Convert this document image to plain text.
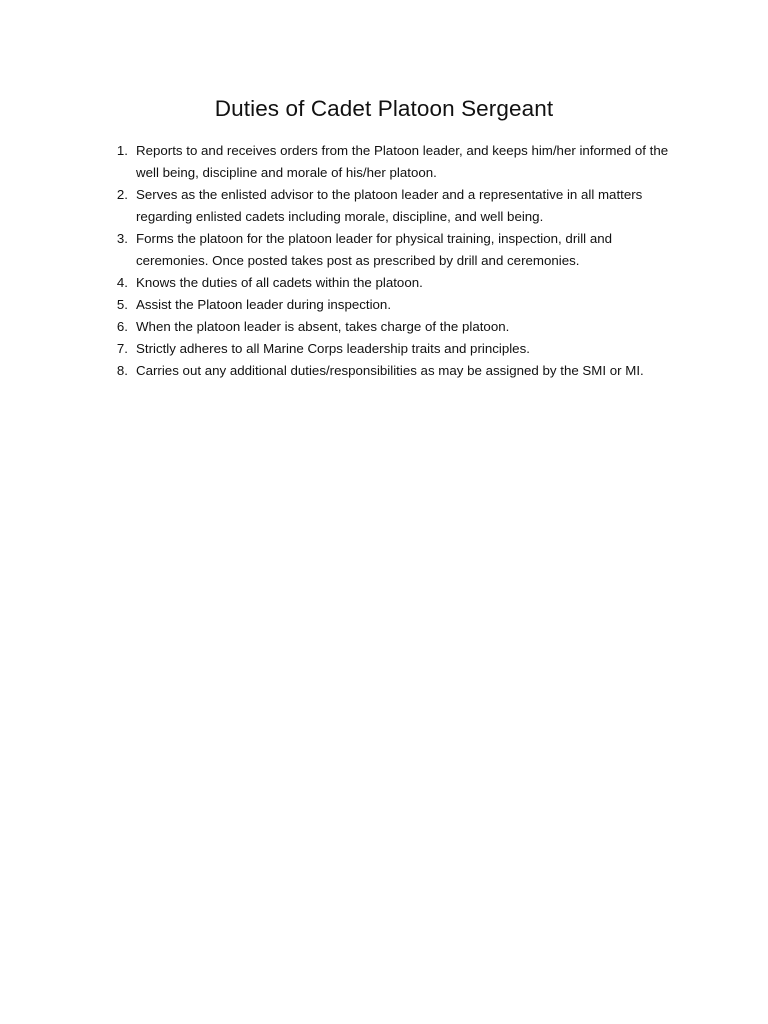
Duties of Cadet Platoon Sergeant
1. Reports to and receives orders from the Platoon leader, and keeps him/her informed of the well being, discipline and morale of his/her platoon.
2. Serves as the enlisted advisor to the platoon leader and a representative in all matters regarding enlisted cadets including morale, discipline, and well being.
3. Forms the platoon for the platoon leader for physical training, inspection, drill and ceremonies. Once posted takes post as prescribed by drill and ceremonies.
4. Knows the duties of all cadets within the platoon.
5. Assist the Platoon leader during inspection.
6. When the platoon leader is absent, takes charge of the platoon.
7. Strictly adheres to all Marine Corps leadership traits and principles.
8. Carries out any additional duties/responsibilities as may be assigned by the SMI or MI.
